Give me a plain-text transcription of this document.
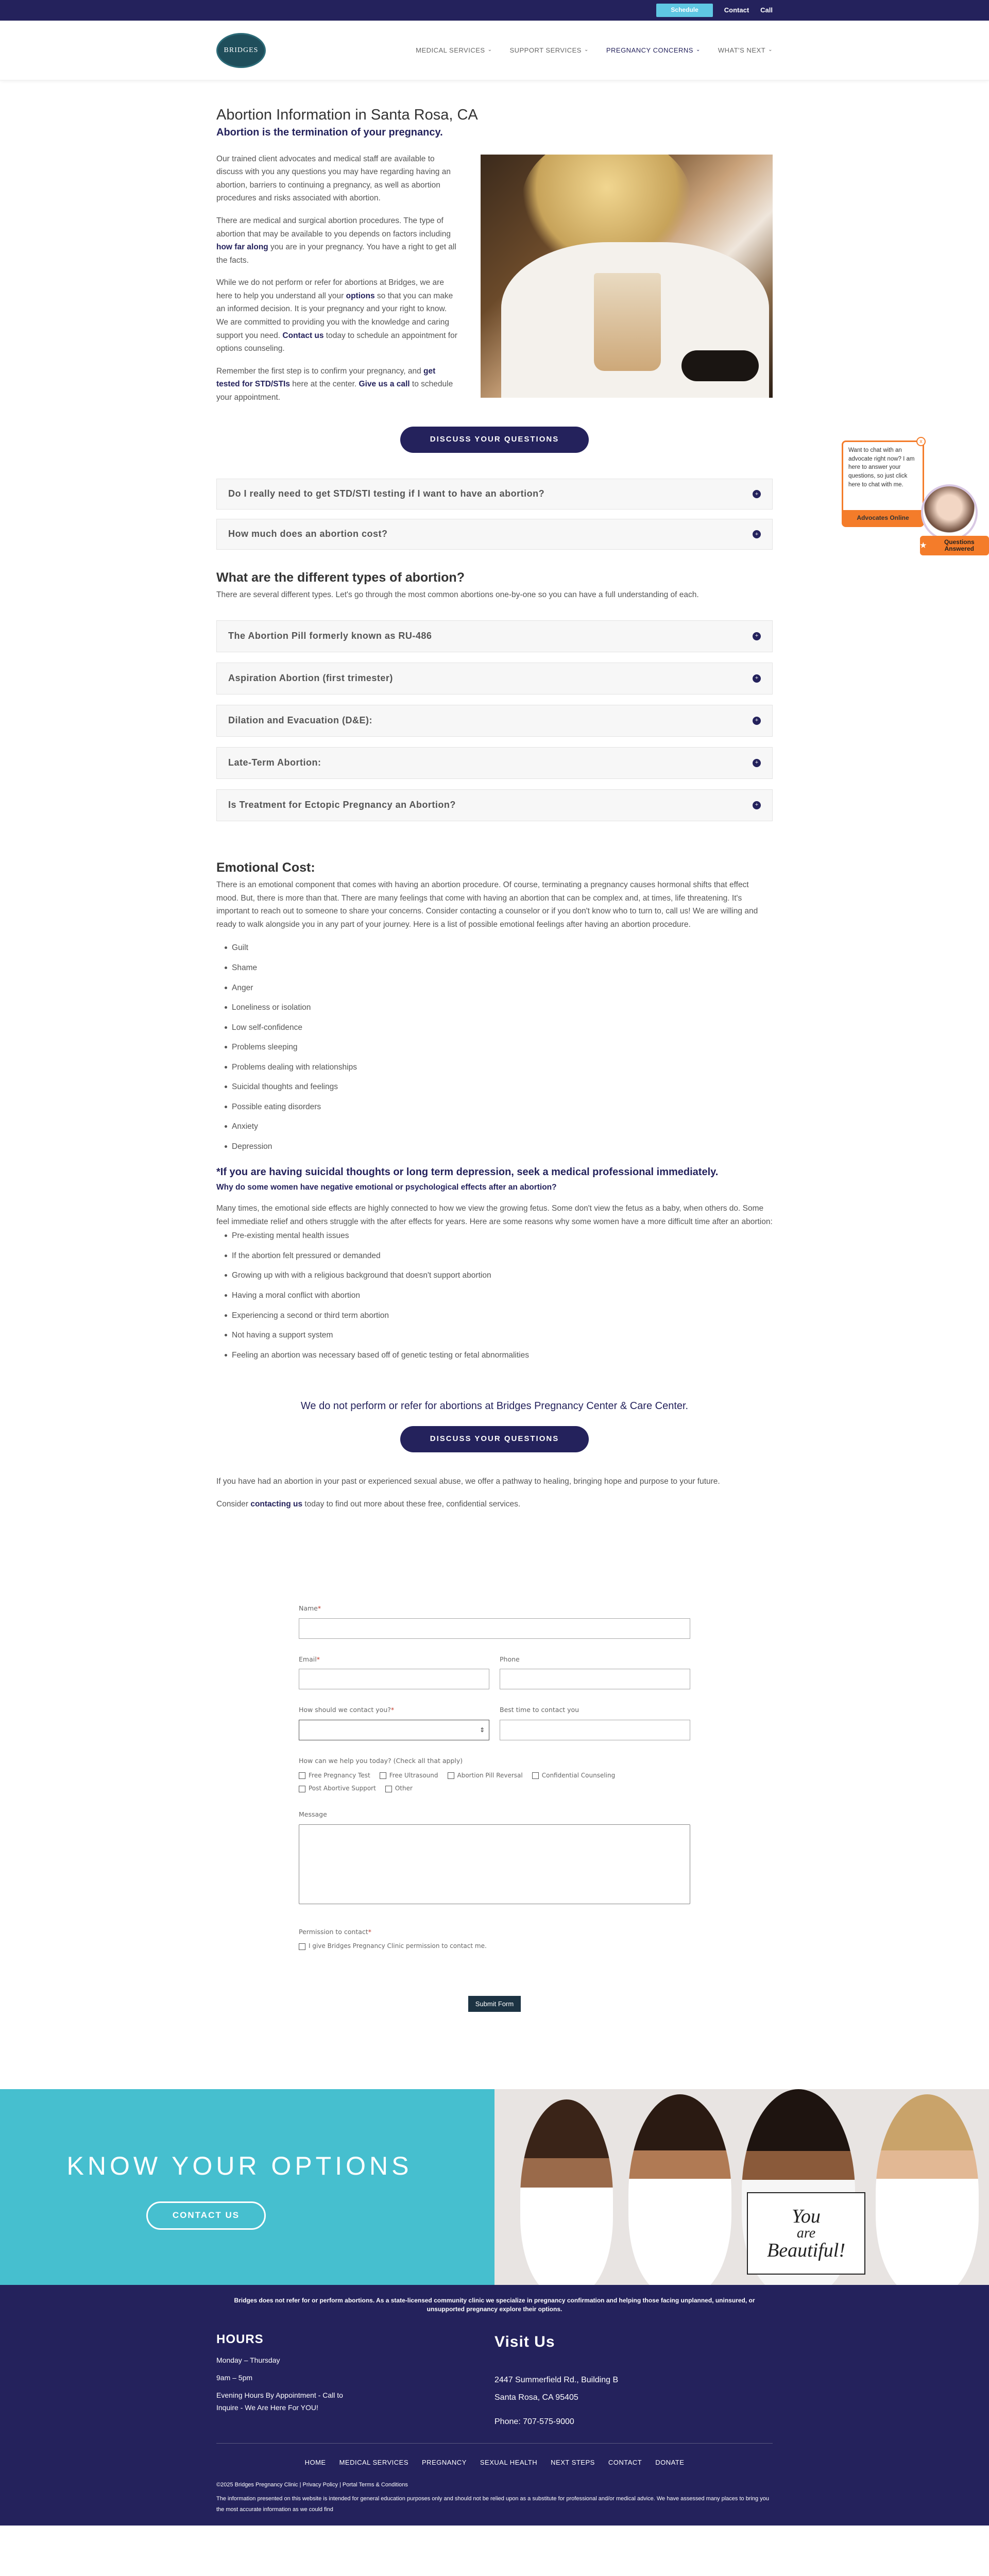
Schedule	Contact Call
BRIDGES	MEDICAL SERVICES ⌄	SUPPORT SERVICES ⌄	PREGNANCY CONCERNS ⌄	WHAT'S NEXT ⌄
Abortion Information in Santa Rosa, CA
Abortion is the termination of your pregnancy.

Our trained client advocates and medical staff are available to discuss with you any questions you may have regarding having an abortion, barriers to continuing a pregnancy, as well as abortion procedures and risks associated with abortion.

There are medical and surgical abortion procedures. The type of abortion that may be available to you depends on factors including how far along you are in your pregnancy. You have a right to get all the facts.

While we do not perform or refer for abortions at Bridges, we are here to help you understand all your options so that you can make an informed decision. It is your pregnancy and your right to know. We are committed to providing you with the knowledge and caring support you need. Contact us today to schedule an appointment for options counseling.

Remember the first step is to confirm your pregnancy, and get tested for STD/STIs here at the center. Give us a call to schedule your appointment.

DISCUSS YOUR QUESTIONS
Do I really need to get STD/STI testing if I want to have an abortion?	+
How much does an abortion cost?	+
What are the different types of abortion?

There are several different types. Let's go through the most common abortions one-by-one so you can have a full understanding of each.

The Abortion Pill formerly known as RU-486	+
Aspiration Abortion (first trimester)	+
Dilation and Evacuation (D&E):	+
Late-Term Abortion:	+
Is Treatment for Ectopic Pregnancy an Abortion?	+
Emotional Cost:

There is an emotional component that comes with having an abortion procedure. Of course, terminating a pregnancy causes hormonal shifts that effect mood. But, there is more than that. There are many feelings that come with having an abortion that can be complex and, at times, life threatening. It's important to reach out to someone to share your concerns. Consider contacting a counselor or if you don't know who to turn to, call us! We are willing and ready to walk alongside you in any part of your journey. Here is a list of possible emotional feelings after having an abortion procedure.

Guilt
Shame
Anger
Loneliness or isolation
Low self-confidence
Problems sleeping
Problems dealing with relationships
Suicidal thoughts and feelings
Possible eating disorders
Anxiety
Depression
*If you are having suicidal thoughts or long term depression, seek a medical professional immediately.
Why do some women have negative emotional or psychological effects after an abortion?

Many times, the emotional side effects are highly connected to how we view the growing fetus. Some don't view the fetus as a baby, when others do. Some feel immediate relief and others struggle with the after effects for years. Here are some reasons why some women have a more difficult time after an abortion:

Pre-existing mental health issues
If the abortion felt pressured or demanded
Growing up with with a religious background that doesn't support abortion
Having a moral conflict with abortion
Experiencing a second or third term abortion
Not having a support system
Feeling an abortion was necessary based off of genetic testing or fetal abnormalities

We do not perform or refer for abortions at Bridges Pregnancy Center & Care Center.

DISCUSS YOUR QUESTIONS

If you have had an abortion in your past or experienced sexual abuse, we offer a pathway to healing, bringing hope and purpose to your future.

Consider contacting us today to find out more about these free, confidential services.

Name*
Email*	Phone
How should we contact you?*
⇕	Best time to contact you
How can we help you today? (Check all that apply)
Free Pregnancy Test	Free Ultrasound	Abortion Pill Reversal	Confidential Counseling
Post Abortive Support	Other
Message
Permission to contact*
I give Bridges Pregnancy Clinic permission to contact me.
Submit Form
KNOW YOUR OPTIONS
CONTACT US	You
are
Beautiful!

Bridges does not refer for or perform abortions. As a state-licensed community clinic we specialize in pregnancy confirmation and helping those facing unplanned, uninsured, or unsupported pregnancy explore their options.

HOURS

Monday – Thursday

9am – 5pm

Evening Hours By Appointment - Call to Inquire - We Are Here For YOU!

Visit Us

2447 Summerfield Rd., Building B

Santa Rosa, CA 95405

Phone: 707-575-9000

HOME MEDICAL SERVICES PREGNANCY SEXUAL HEALTH NEXT STEPS CONTACT DONATE

©2025 Bridges Pregnancy Clinic | Privacy Policy | Portal Terms & Conditions

The information presented on this website is intended for general education purposes only and should not be relied upon as a substitute for professional and/or medical advice. We have assessed many places to bring you the most accurate information as we could find

x
Want to chat with an advocate right now? I am here to answer your questions, so just click here to chat with me.
Advocates Online
★	Questions Answered
